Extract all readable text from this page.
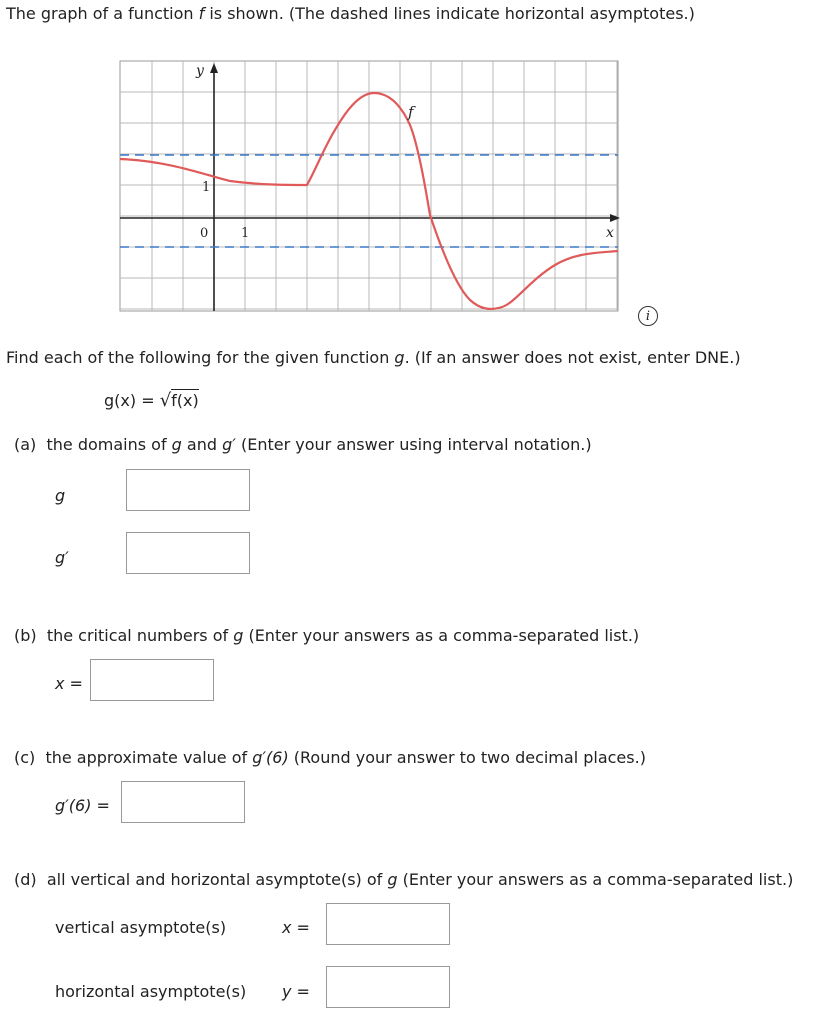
The graph of a function f is shown. (The dashed lines indicate horizontal asymptotes.)
y
x
f
0	1
1
i
Find each of the following for the given function g. (If an answer does not exist, enter DNE.)
g(x) = √f(x)
(a) the domains of g and g′ (Enter your answer using interval notation.)
g
g′
(b) the critical numbers of g (Enter your answers as a comma-separated list.)
x =
(c) the approximate value of g′(6) (Round your answer to two decimal places.)
g′(6) =
(d) all vertical and horizontal asymptote(s) of g (Enter your answers as a comma-separated list.)
vertical asymptote(s)	x =
horizontal asymptote(s) y =
